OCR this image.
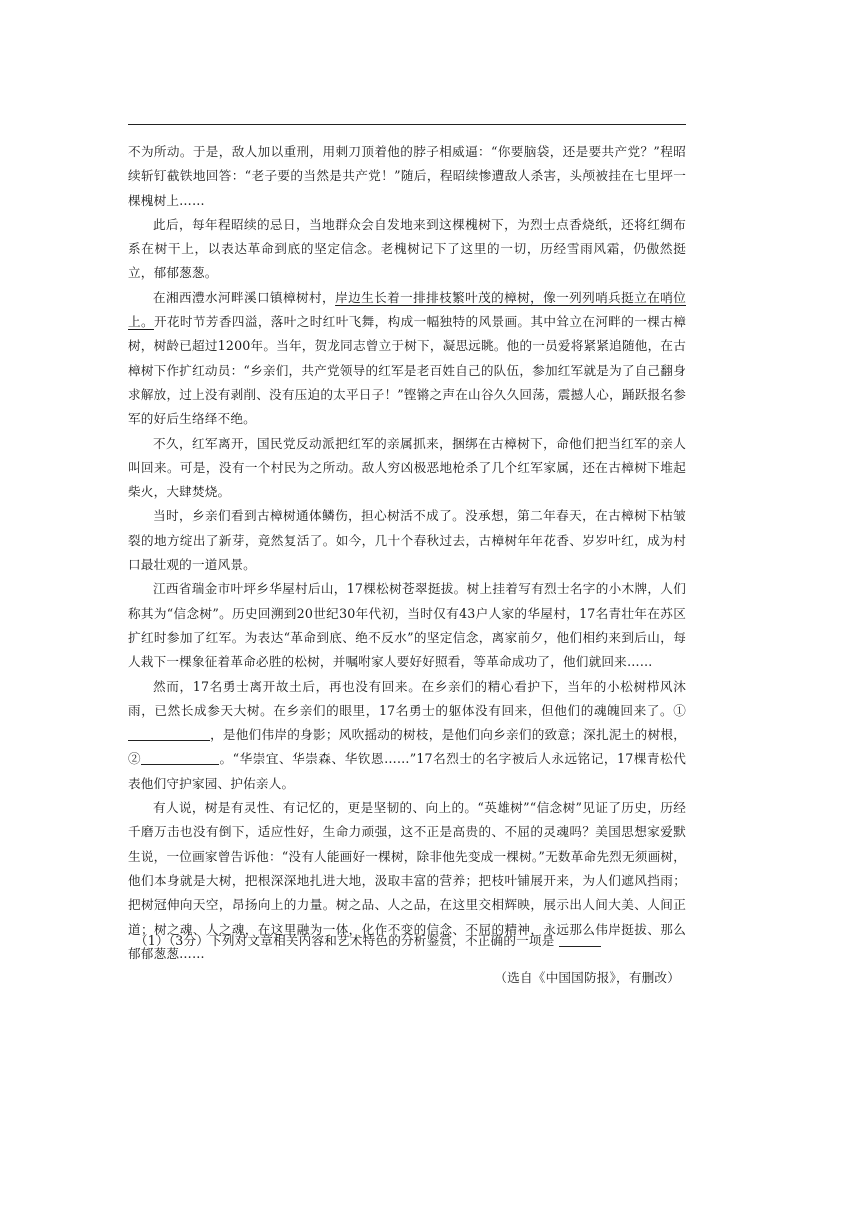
不为所动。于是，敌人加以重刑，用刺刀顶着他的脖子相威逼：“你要脑袋，还是要共产党？”程昭续斩钉截铁地回答：“老子要的当然是共产党！”随后，程昭续惨遭敌人杀害，头颅被挂在七里坪一棵槐树上……

此后，每年程昭续的忌日，当地群众会自发地来到这棵槐树下，为烈士点香烧纸，还将红绸布系在树干上，以表达革命到底的坚定信念。老槐树记下了这里的一切，历经雪雨风霜，仍傲然挺立，郁郁葱葱。

在湘西澧水河畔溪口镇樟树村，岸边生长着一排排枝繁叶茂的樟树，像一列列哨兵挺立在哨位上。开花时节芳香四溢，落叶之时红叶飞舞，构成一幅独特的风景画。其中耸立在河畔的一棵古樟树，树龄已超过1200年。当年，贺龙同志曾立于树下，凝思远眺。他的一员爱将紧紧追随他，在古樟树下作扩红动员：“乡亲们，共产党领导的红军是老百姓自己的队伍，参加红军就是为了自己翻身求解放，过上没有剥削、没有压迫的太平日子！”铿锵之声在山谷久久回荡，震撼人心，踊跃报名参军的好后生络绎不绝。

不久，红军离开，国民党反动派把红军的亲属抓来，捆绑在古樟树下，命他们把当红军的亲人叫回来。可是，没有一个村民为之所动。敌人穷凶极恶地枪杀了几个红军家属，还在古樟树下堆起柴火，大肆焚烧。

当时，乡亲们看到古樟树通体鳞伤，担心树活不成了。没承想，第二年春天，在古樟树下枯皱裂的地方绽出了新芽，竟然复活了。如今，几十个春秋过去，古樟树年年花香、岁岁叶红，成为村口最壮观的一道风景。

江西省瑞金市叶坪乡华屋村后山，17棵松树苍翠挺拔。树上挂着写有烈士名字的小木牌，人们称其为“信念树”。历史回溯到20世纪30年代初，当时仅有43户人家的华屋村，17名青壮年在苏区扩红时参加了红军。为表达“革命到底、绝不反水”的坚定信念，离家前夕，他们相约来到后山，每人栽下一棵象征着革命必胜的松树，并嘱咐家人要好好照看，等革命成功了，他们就回来……

然而，17名勇士离开故土后，再也没有回来。在乡亲们的精心看护下，当年的小松树栉风沐雨，已然长成参天大树。在乡亲们的眼里，17名勇士的躯体没有回来，但他们的魂魄回来了。①，是他们伟岸的身影；风吹摇动的树枝，是他们向乡亲们的致意；深扎泥土的树根，②	。“华崇宜、华崇森、华钦恩……”17名烈士的名字被后人永远铭记，17棵青松代表他们守护家园、护佑亲人。

有人说，树是有灵性、有记忆的，更是坚韧的、向上的。“英雄树”“信念树”见证了历史，历经千磨万击也没有倒下，适应性好，生命力顽强，这不正是高贵的、不屈的灵魂吗？美国思想家爱默生说，一位画家曾告诉他：“没有人能画好一棵树，除非他先变成一棵树。”无数革命先烈无须画树，他们本身就是大树，把根深深地扎进大地，汲取丰富的营养；把枝叶铺展开来，为人们遮风挡雨；把树冠伸向天空，昂扬向上的力量。树之品、人之品，在这里交相辉映，展示出人间大美、人间正道；树之魂、人之魂，在这里融为一体，化作不变的信念、不屈的精神，永远那么伟岸挺拔、那么郁郁葱葱……

（选自《中国国防报》，有删改）

（1）（3分）下列对文章相关内容和艺术特色的分析鉴赏，不正确的一项是
